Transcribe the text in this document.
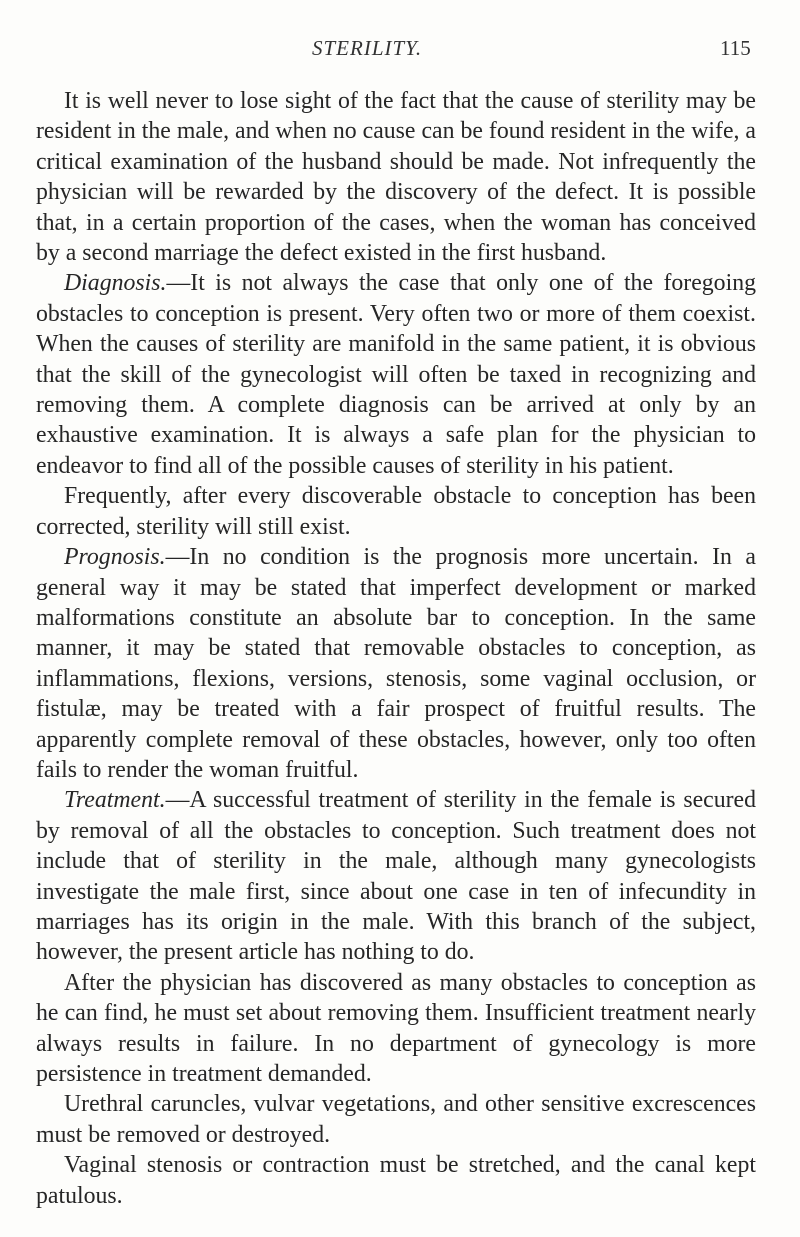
STERILITY.	115

It is well never to lose sight of the fact that the cause of sterility may be resident in the male, and when no cause can be found resident in the wife, a critical examination of the husband should be made. Not infrequently the physician will be rewarded by the discovery of the defect. It is possible that, in a certain proportion of the cases, when the woman has conceived by a second marriage the defect existed in the first husband.

Diagnosis.—It is not always the case that only one of the foregoing obstacles to conception is present. Very often two or more of them coexist. When the causes of sterility are manifold in the same patient, it is obvious that the skill of the gynecologist will often be taxed in recognizing and removing them. A complete diagnosis can be arrived at only by an exhaustive examination. It is always a safe plan for the physician to endeavor to find all of the possible causes of sterility in his patient.

Frequently, after every discoverable obstacle to conception has been corrected, sterility will still exist.

Prognosis.—In no condition is the prognosis more uncertain. In a general way it may be stated that imperfect development or marked malformations constitute an absolute bar to conception. In the same manner, it may be stated that removable obstacles to conception, as inflammations, flexions, versions, stenosis, some vaginal occlusion, or fistulæ, may be treated with a fair prospect of fruitful results. The apparently complete removal of these obstacles, however, only too often fails to render the woman fruitful.

Treatment.—A successful treatment of sterility in the female is secured by removal of all the obstacles to conception. Such treatment does not include that of sterility in the male, although many gynecologists investigate the male first, since about one case in ten of infecundity in marriages has its origin in the male. With this branch of the subject, however, the present article has nothing to do.

After the physician has discovered as many obstacles to conception as he can find, he must set about removing them. Insufficient treatment nearly always results in failure. In no department of gynecology is more persistence in treatment demanded.

Urethral caruncles, vulvar vegetations, and other sensitive excrescences must be removed or destroyed.

Vaginal stenosis or contraction must be stretched, and the canal kept patulous.
